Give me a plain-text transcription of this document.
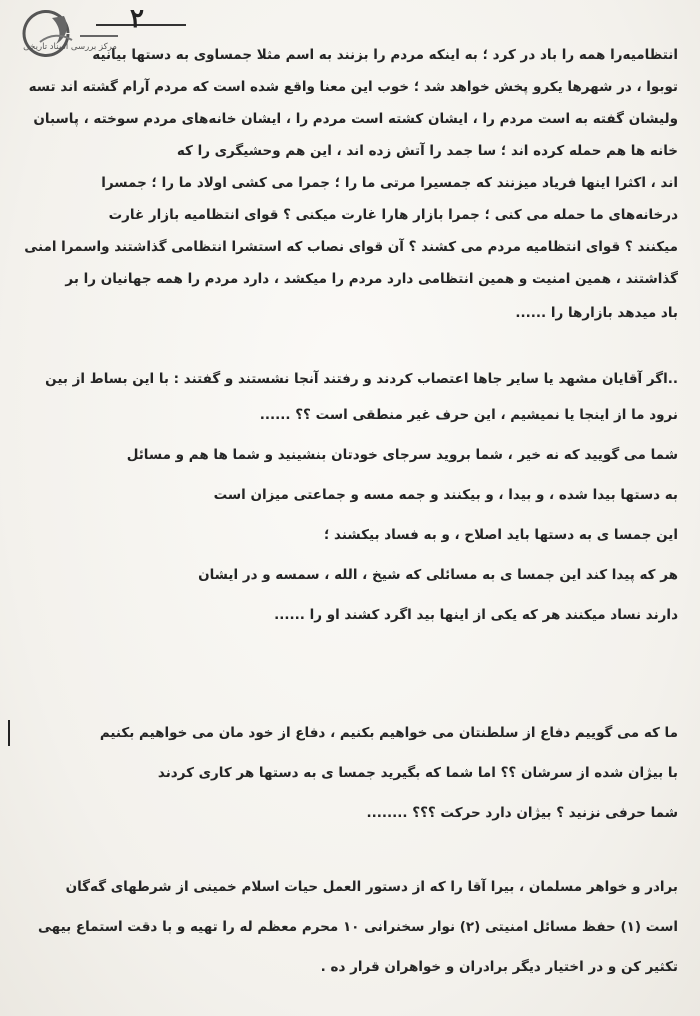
مرکز بررسی اسناد تاریخی
۲
انتظامیه‌را همه را باد در کرد ؛ به اینکه مردم را بزنند به اسم مثلا جمساوی به دستها بیانیه
توبوا ، در شهرها یکرو پخش خواهد شد ؛ خوب این معنا واقع شده است که مردم آرام گشته اند تسه
ولیشان گفته به است مردم را ، ایشان کشته است مردم را ، ایشان خانه‌های مردم سوخته ، پاسبان
خانه ها هم حمله کرده اند ؛ سا جمد را آتش زده اند ، این هم وحشیگری را که
اند ، اکثرا اینها فریاد میزنند که جمسیرا مرتی ما را ؛ جمرا می کشی اولاد ما را ؛ جمسرا
درخانه‌های ما حمله می کنی ؛ جمرا بازار هارا غارت میکنی ؟ قوای انتظامیه بازار غارت
میکنند ؟ قوای انتظامیه مردم می کشند ؟ آن قوای نصاب که استشرا انتظامی گذاشتند واسمرا امنی
گذاشتند ، همین امنیت و همین انتظامی دارد مردم را میکشد ، دارد مردم را همه جهانیان را بر
باد میدهد بازارها را ......
..اگر آقایان مشهد یا سایر جاها اعتصاب کردند و رفتند آنجا نشستند و گفتند : با این بساط از بین
نرود ما از اینجا یا نمیشیم ، این حرف غیر منطقی است ؟؟ ......
شما می گویید که نه خیر ، شما بروید سرجای خودتان بنشینید و شما ها هم و مسائل
به دستها بیدا شده ، و بیدا ، و بیکنند و جمه مسه و جماعتی میزان است
این جمسا ی به دستها باید اصلاح ، و به فساد بیکشند ؛
هر که پیدا کند این جمسا ی به مسائلی که شیخ ، الله ، سمسه و در ایشان
دارند نساد میکنند هر که یکی از اینها بید اگرد کشند او را ......
ما که می گوییم دفاع از سلطنتان می خواهیم بکنیم ، دفاع از خود مان می خواهیم بکنیم
با بیژان شده از سرشان ؟؟ اما شما که بگیرید جمسا ی به دستها هر کاری کردند
شما حرفی نزنید ؟ بیژان دارد حرکت ؟؟؟ ........
برادر و خواهر مسلمان ، بیرا آقا را که از دستور العمل حیات اسلام خمینی از شرطهای گه‌گان
است (۱) حفظ مسائل امنیتی (۲) نوار سخنرانی ۱۰ محرم معظم له را تهیه و با دقت استماع بیهی
تکثیر کن و در اختیار دیگر برادران و خواهران قرار ده .
